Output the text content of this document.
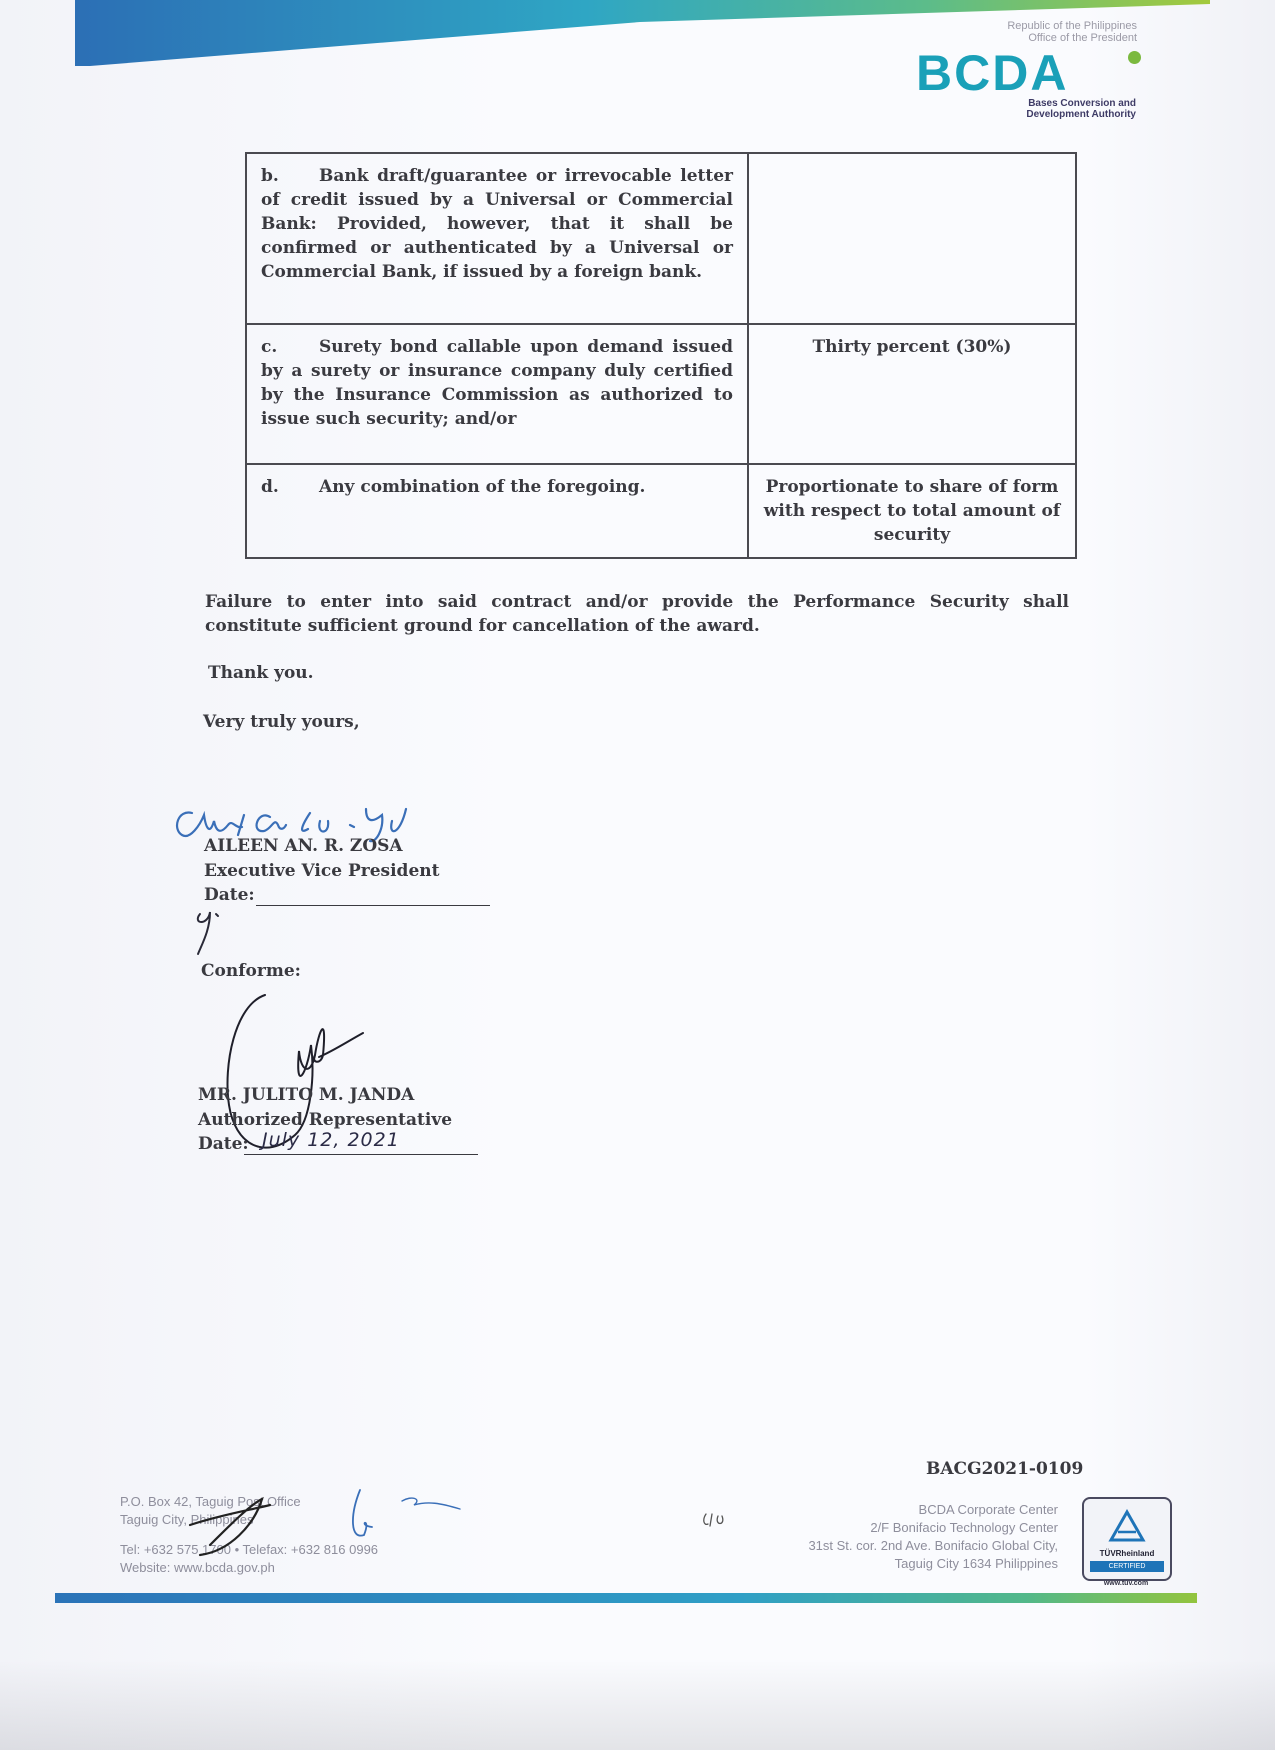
Republic of the Philippines
Office of the President
BCDA
Bases Conversion and
Development Authority
b. Bank draft/guarantee or irrevocable letter of credit issued by a Universal or Commercial Bank: Provided, however, that it shall be confirmed or authenticated by a Universal or Commercial Bank, if issued by a foreign bank.	
c. Surety bond callable upon demand issued by a surety or insurance company duly certified by the Insurance Commission as authorized to issue such security; and/or	Thirty percent (30%)
d. Any combination of the foregoing.	Proportionate to share of form with respect to total amount of security

Failure to enter into said contract and/or provide the Performance Security shall constitute sufficient ground for cancellation of the award.

Thank you.

Very truly yours,

AILEEN AN. R. ZOSA

Executive Vice President

Date:

Conforme:

MR. JULITO M. JANDA

Authorized Representative

Date: July 12, 2021
BACG2021-0109
P.O. Box 42, Taguig Post Office
Taguig City, Philippines
Tel: +632 575 1700 • Telefax: +632 816 0996
Website: www.bcda.gov.ph
BCDA Corporate Center
2/F Bonifacio Technology Center
31st St. cor. 2nd Ave. Bonifacio Global City,
Taguig City 1634 Philippines
TÜVRheinland
CERTIFIED
www.tuv.com
